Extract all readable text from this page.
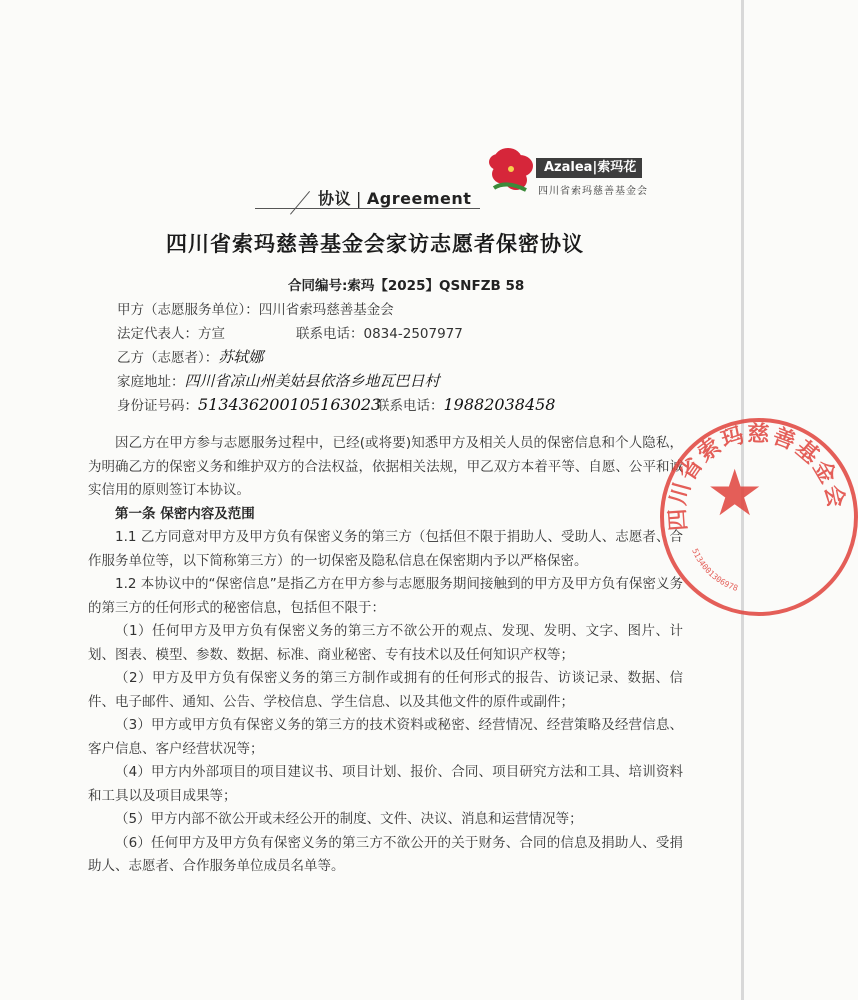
Azalea|索玛花
四川省索玛慈善基金会
协议 | Agreement
四川省索玛慈善基金会家访志愿者保密协议
合同编号:索玛【2025】QSNFZB 58
甲方（志愿服务单位）：四川省索玛慈善基金会
法定代表人：方宣	联系电话：0834-2507977
乙方（志愿者）：苏轼娜
家庭地址：四川省凉山州美姑县依洛乡地瓦巴日村
身份证号码：513436200105163023
联系电话：19882038458

因乙方在甲方参与志愿服务过程中，已经(或将要)知悉甲方及相关人员的保密信息和个人隐私，为明确乙方的保密义务和维护双方的合法权益，依据相关法规，甲乙双方本着平等、自愿、公平和诚实信用的原则签订本协议。

第一条 保密内容及范围

1.1 乙方同意对甲方及甲方负有保密义务的第三方（包括但不限于捐助人、受助人、志愿者、合作服务单位等，以下简称第三方）的一切保密及隐私信息在保密期内予以严格保密。

1.2 本协议中的“保密信息”是指乙方在甲方参与志愿服务期间接触到的甲方及甲方负有保密义务的第三方的任何形式的秘密信息，包括但不限于：

（1）任何甲方及甲方负有保密义务的第三方不欲公开的观点、发现、发明、文字、图片、计划、图表、模型、参数、数据、标准、商业秘密、专有技术以及任何知识产权等；

（2）甲方及甲方负有保密义务的第三方制作或拥有的任何形式的报告、访谈记录、数据、信件、电子邮件、通知、公告、学校信息、学生信息、以及其他文件的原件或副件；

（3）甲方或甲方负有保密义务的第三方的技术资料或秘密、经营情况、经营策略及经营信息、客户信息、客户经营状况等；

（4）甲方内外部项目的项目建议书、项目计划、报价、合同、项目研究方法和工具、培训资料和工具以及项目成果等；

（5）甲方内部不欲公开或未经公开的制度、文件、决议、消息和运营情况等；

（6）任何甲方及甲方负有保密义务的第三方不欲公开的关于财务、合同的信息及捐助人、受捐助人、志愿者、合作服务单位成员名单等。

四川省索玛慈善基金会
5134001306978
★
